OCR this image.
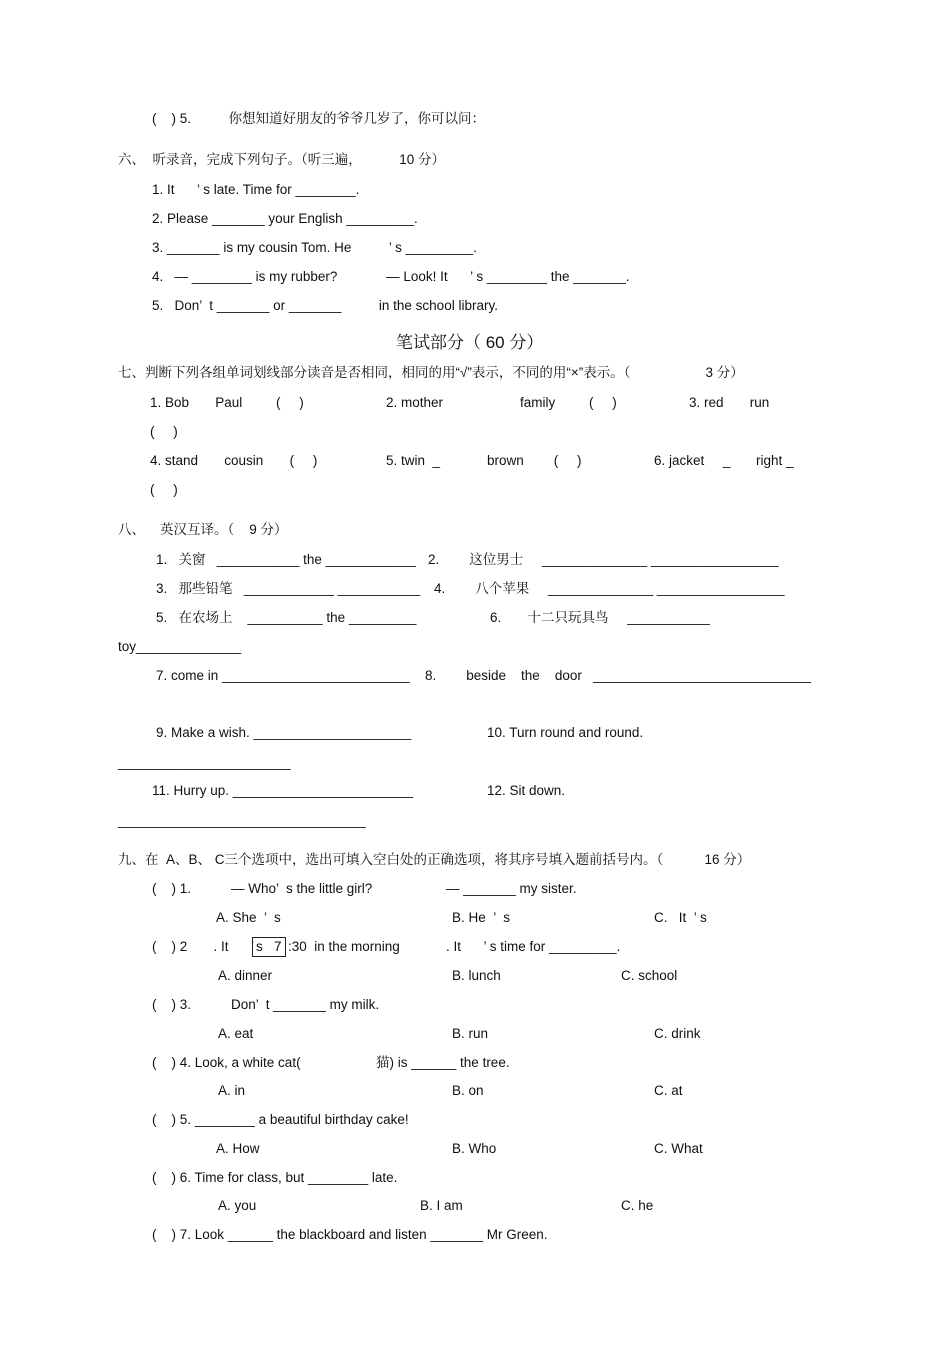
(    ) 5.          你想知道好朋友的爷爷几岁了，你可以问：
六、  听录音，完成下列句子。（听三遍，          10 分）
1. It      ’ s late. Time for ________.
2. Please _______ your English _________.
3. _______ is my cousin Tom. He          ’ s _________.
4.   — ________ is my rubber?             — Look! It      ’ s ________ the _______.
5.   Don’  t _______ or _______          in the school library.
笔试部分（ 60 分）
七、判断下列各组单词划线部分读音是否相同，相同的用“√”表示，不同的用“×”表示。（                    3 分）
1. Bob       Paul         (     )	2. mother	family         (     )	3. red       run
(     )
4. stand       cousin       (     )	5. twin  _	brown        (     )	6. jacket     _ right _
(     )
八、    英汉互译。（    9 分）
1.   关窗   ___________ the ____________ 2.        这位男士     ______________ _________________
3.   那些铅笔   ____________ ___________ 4.        八个苹果     ______________ _________________
5.   在农场上    __________ the _________	6.       十二只玩具鸟     ___________
toy______________
7. come in _________________________ 8.        beside    the    door   _____________________________
9. Make a wish. _____________________	10. Turn round and round.
_______________________
11. Hurry up. ________________________	12. Sit down.
_________________________________
九、在  A、B、 C三个选项中，选出可填入空白处的正确选项，将其序号填入题前括号内。（           16 分）
(    ) 1.	— Who’  s the little girl?	— _______ my sister.
A. She  ’  s	B. He  ’  s	C.   It  ’ s
(    ) 2       . It      ’ s   7 :30  in the morning	. It      ’ s time for _________.
A. dinner	B. lunch	C. school
(    ) 3.	Don’  t _______ my milk.
A. eat	B. run	C. drink
(    ) 4. Look, a white cat(	猫) is ______ the tree.
A. in	B. on	C. at
(    ) 5. ________ a beautiful birthday cake!
A. How	B. Who	C. What
(    ) 6. Time for class, but ________ late.
A. you	B. I am	C. he
(    ) 7. Look ______ the blackboard and listen _______ Mr Green.
